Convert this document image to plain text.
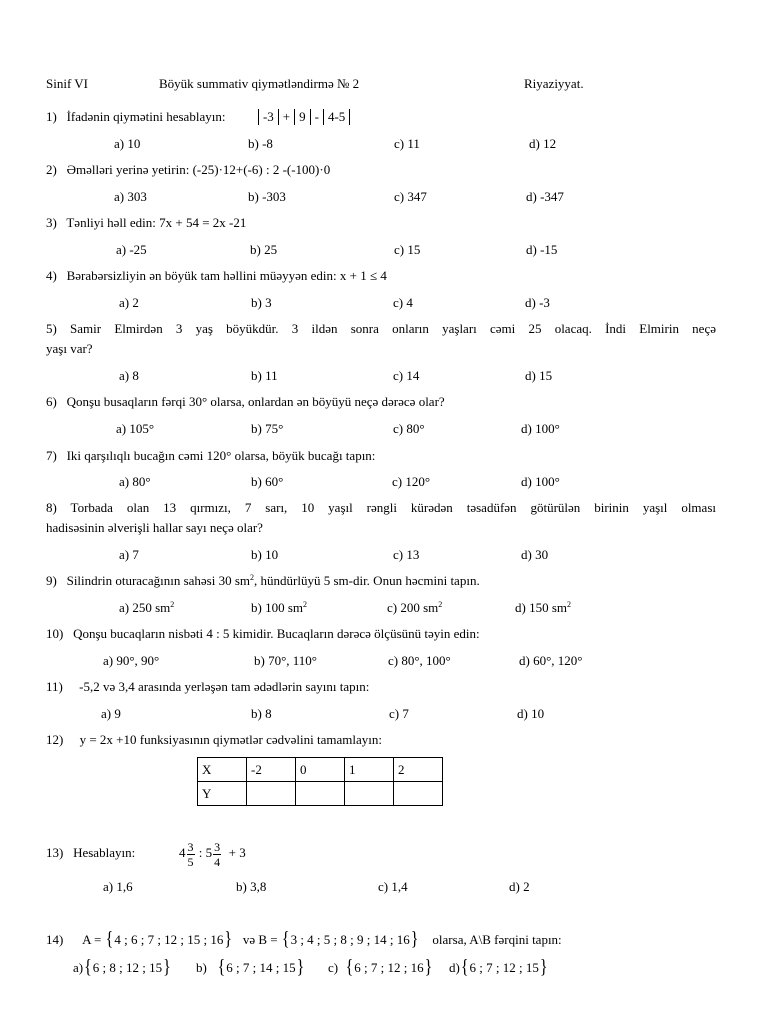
Sinif VI	Böyük summativ qiymətləndirmə № 2	Riyaziyyat.
1) İfadənin qiymətini hesablayın:	-3 + 9 - 4-5
a) 10	b) -8	c) 11	d) 12
2) Əməlləri yerinə yetirin: (-25)·12+(-6) : 2 -(-100)·0
a) 303	b) -303	c) 347	d) -347
3) Tənliyi həll edin: 7x + 54 = 2x -21
a) -25	b) 25	c) 15	d) -15
4) Bərabərsizliyin ən böyük tam həllini müəyyən edin: x + 1 ≤ 4
a) 2	b) 3	c) 4	d) -3
5) Samir Elmirdən 3 yaş böyükdür. 3 ildən sonra onların yaşları cəmi 25 olacaq. İndi Elmirin neçə
yaşı var?
a) 8	b) 11	c) 14	d) 15
6) Qonşu busaqların fərqi 30° olarsa, onlardan ən böyüyü neçə dərəcə olar?
a) 105°	b) 75°	c) 80°	d) 100°
7) Iki qarşılıqlı bucağın cəmi 120° olarsa, böyük bucağı tapın:
a) 80°	b) 60°	c) 120°	d) 100°
8) Torbada olan 13 qırmızı, 7 sarı, 10 yaşıl rəngli kürədən təsadüfən götürülən birinin yaşıl olması
hadisəsinin əlverişli hallar sayı neçə olar?
a) 7	b) 10	c) 13	d) 30
9) Silindrin oturacağının sahəsi 30 $sm^2$, hündürlüyü 5 sm-dir. Onun həcmini tapın.
a) 250 $sm^2$	b) 100 $sm^2$	c) 200 $sm^2$	d) 150 $sm^2$
10) Qonşu bucaqların nisbəti 4 : 5 kimidir. Bucaqların dərəcə ölçüsünü təyin edin:
a) 90°, 90°	b) 70°, 110°	c) 80°, 100°	d) 60°, 120°
11) -5,2 və 3,4 arasında yerləşən tam ədədlərin sayını tapın:
a) 9	b) 8	c) 7	d) 10
12) y = 2x +10 funksiyasının qiymətlər cədvəlini tamamlayın:
X	-2	0	1	2
Y				
13) Hesablayın:	$4 \frac{3}{5}$ : $5 \frac{3}{4} + 3$
a) 1,6	b) 3,8	c) 1,4	d) 2
14) A = {4 ; 6 ; 7 ; 12 ; 15 ; 16} və B = {3 ; 4 ; 5 ; 8 ; 9 ; 14 ; 16} olarsa, A\B fərqini tapın:
a){6 ; 8 ; 12 ; 15} b) {6 ; 7 ; 14 ; 15} c) {6 ; 7 ; 12 ; 16} d){6 ; 7 ; 12 ; 15}
